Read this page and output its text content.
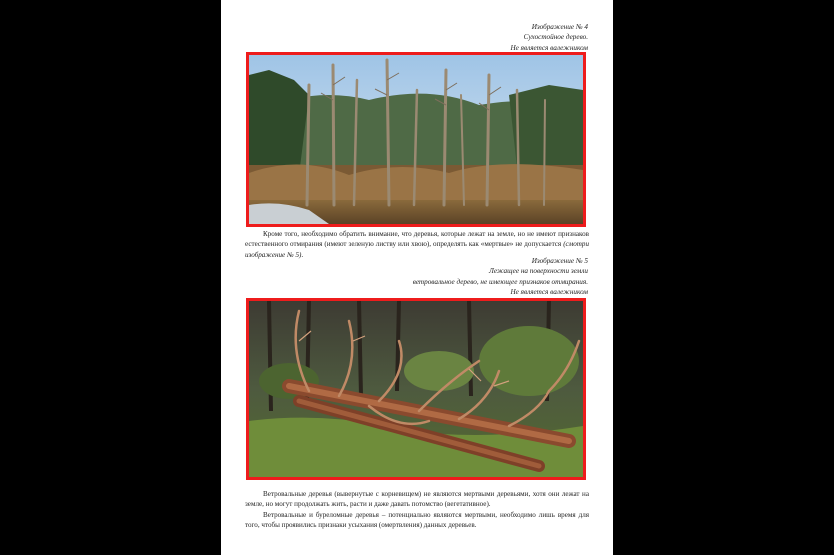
Изображение № 4
Сухостойное дерево.
Не является валежником
Кроме того, необходимо обратить внимание, что деревья, которые лежат на земле, но не имеют признаков естественного отмирания (имеют зеленую листву или хвою), определять как «мертвые» не допускается (смотри изображение № 5).
Изображение № 5
Лежащее на поверхности земли
ветровальное дерево, не имеющее признаков отмирания.
Не является валежником
Ветровальные деревья (вывернутые с корневищем) не являются мертвыми деревьями, хотя они лежат на земле, но могут продолжать жить, расти и даже давать потомство (вегетативное).
Ветровальные и буреломные деревья – потенциально являются мертвыми, необходимо лишь время для того, чтобы проявились признаки усыхания (омертвления) данных деревьев.
